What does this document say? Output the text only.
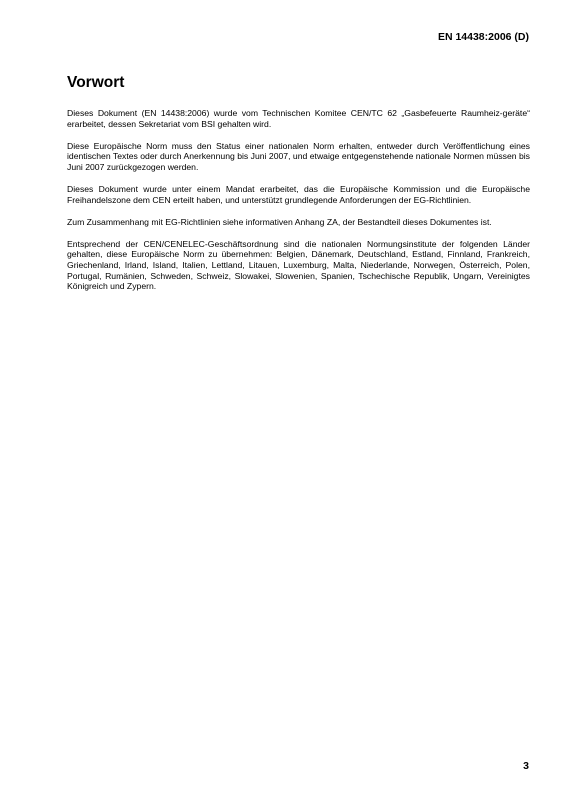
EN 14438:2006 (D)
Vorwort

Dieses Dokument (EN 14438:2006) wurde vom Technischen Komitee CEN/TC 62 „Gasbefeuerte Raumheiz-geräte“ erarbeitet, dessen Sekretariat vom BSI gehalten wird.

Diese Europäische Norm muss den Status einer nationalen Norm erhalten, entweder durch Veröffentlichung eines identischen Textes oder durch Anerkennung bis Juni 2007, und etwaige entgegenstehende nationale Normen müssen bis Juni 2007 zurückgezogen werden.

Dieses Dokument wurde unter einem Mandat erarbeitet, das die Europäische Kommission und die Europäische Freihandelszone dem CEN erteilt haben, und unterstützt grundlegende Anforderungen der EG-Richtlinien.

Zum Zusammenhang mit EG-Richtlinien siehe informativen Anhang ZA, der Bestandteil dieses Dokumentes ist.

Entsprechend der CEN/CENELEC-Geschäftsordnung sind die nationalen Normungsinstitute der folgenden Länder gehalten, diese Europäische Norm zu übernehmen: Belgien, Dänemark, Deutschland, Estland, Finnland, Frankreich, Griechenland, Irland, Island, Italien, Lettland, Litauen, Luxemburg, Malta, Niederlande, Norwegen, Österreich, Polen, Portugal, Rumänien, Schweden, Schweiz, Slowakei, Slowenien, Spanien, Tschechische Republik, Ungarn, Vereinigtes Königreich und Zypern.

3
